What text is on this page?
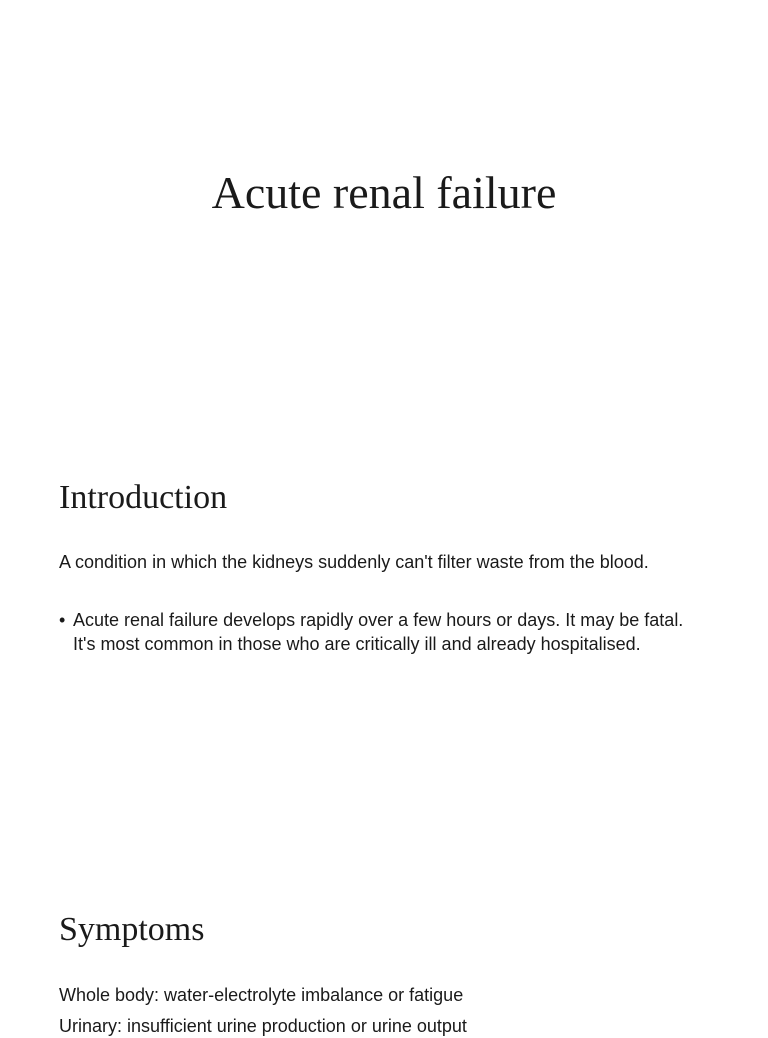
Acute renal failure
Introduction
A condition in which the kidneys suddenly can't filter waste from the blood.
• Acute renal failure develops rapidly over a few hours or days. It may be fatal. It's most common in those who are critically ill and already hospitalised.
Symptoms
Whole body: water-electrolyte imbalance or fatigue
Urinary: insufficient urine production or urine output
